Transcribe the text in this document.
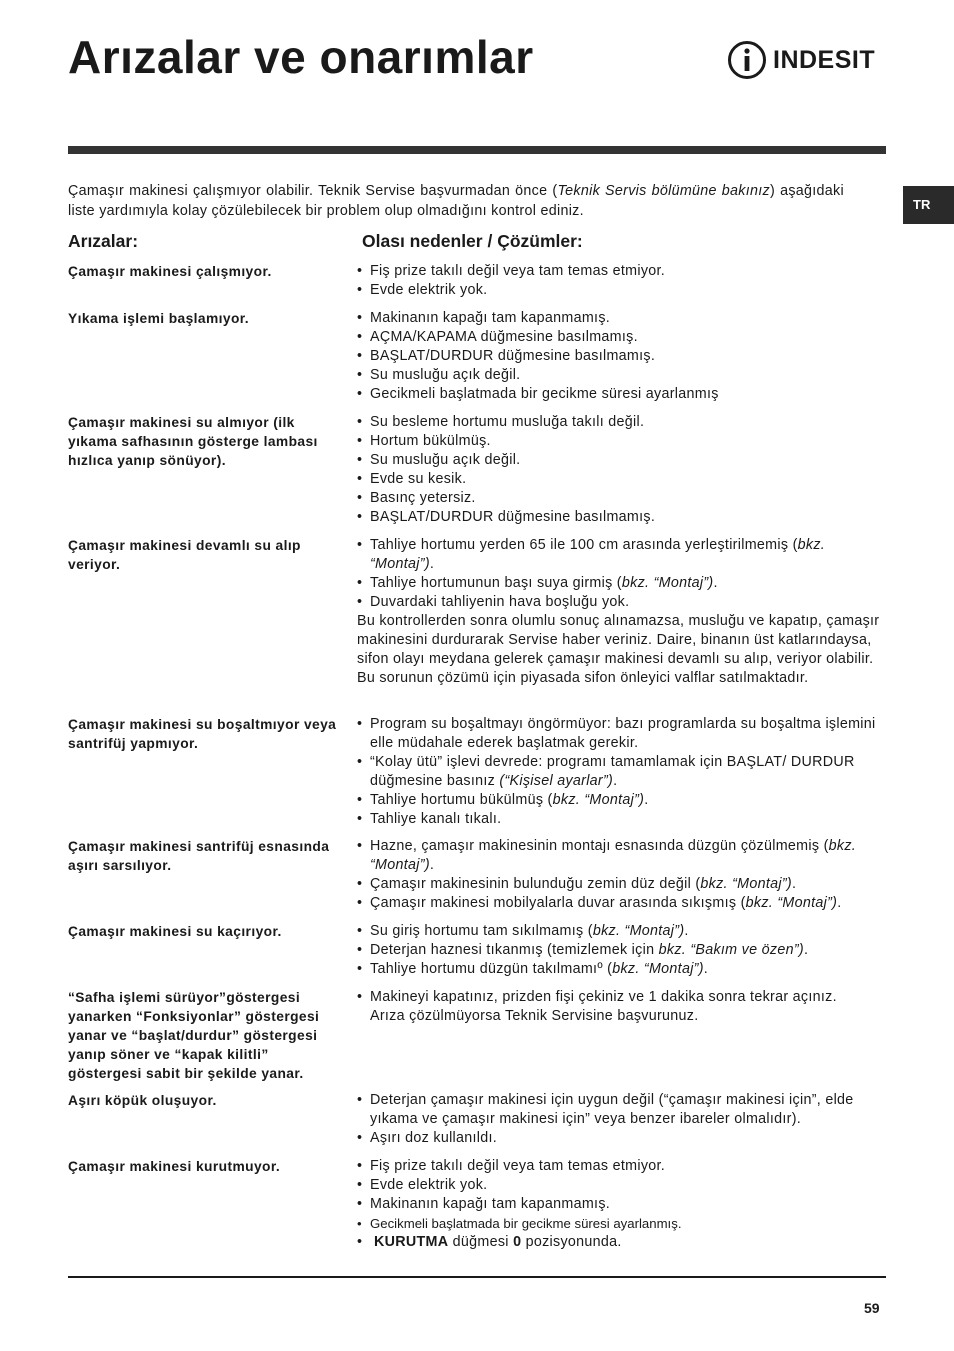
Arızalar ve onarımlar	INDESIT
TR

Çamaşır makinesi çalışmıyor olabilir. Teknik Servise başvurmadan önce (Teknik Servis bölümüne bakınız) aşağıdaki liste yardımıyla kolay çözülebilecek bir problem olup olmadığını kontrol ediniz.

Arızalar:	Olası nedenler / Çözümler:
Çamaşır makinesi çalışmıyor.	• Fiş prize takılı değil veya tam temas etmiyor.
• Evde elektrik yok.
Yıkama işlemi başlamıyor.	• Makinanın kapağı tam kapanmamış.
• AÇMA/KAPAMA düğmesine basılmamış.
• BAŞLAT/DURDUR düğmesine basılmamış.
• Su musluğu açık değil.
• Gecikmeli başlatmada bir gecikme süresi ayarlanmış
Çamaşır makinesi su almıyor (ilk yıkama safhasının gösterge lambası hızlıca yanıp sönüyor).
• Su besleme hortumu musluğa takılı değil.
• Hortum bükülmüş.
• Su musluğu açık değil.
• Evde su kesik.
• Basınç yetersiz.
• BAŞLAT/DURDUR düğmesine basılmamış.
Çamaşır makinesi devamlı su alıp veriyor.
• Tahliye hortumu yerden 65 ile 100 cm arasında yerleştirilmemiş (bkz. “Montaj”).
• Tahliye hortumunun başı suya girmiş (bkz. “Montaj”).
• Duvardaki tahliyenin hava boşluğu yok.
Bu kontrollerden sonra olumlu sonuç alınamazsa, musluğu ve kapatıp, çamaşır makinesini durdurarak Servise haber veriniz. Daire, binanın üst katlarındaysa, sifon olayı meydana gelerek çamaşır makinesi devamlı su alıp, veriyor olabilir. Bu sorunun çözümü için piyasada sifon önleyici valflar satılmaktadır.
Çamaşır makinesi su boşaltmıyor veya santrifüj yapmıyor.
• Program su boşaltmayı öngörmüyor: bazı programlarda su boşaltma işlemini elle müdahale ederek başlatmak gerekir.
• “Kolay ütü” işlevi devrede: programı tamamlamak için BAŞLAT/ DURDUR düğmesine basınız (“Kişisel ayarlar”).
• Tahliye hortumu bükülmüş (bkz. “Montaj”).
• Tahliye kanalı tıkalı.
Çamaşır makinesi santrifüj esnasında aşırı sarsılıyor.
• Hazne, çamaşır makinesinin montajı esnasında düzgün çözülmemiş (bkz. “Montaj”).
• Çamaşır makinesinin bulunduğu zemin düz değil (bkz. “Montaj”).
• Çamaşır makinesi mobilyalarla duvar arasında sıkışmış (bkz. “Montaj”).
Çamaşır makinesi su kaçırıyor.	• Su giriş hortumu tam sıkılmamış (bkz. “Montaj”).
• Deterjan haznesi tıkanmış (temizlemek için bkz. “Bakım ve özen”).
• Tahliye hortumu düzgün takılmamıº (bkz. “Montaj”).
“Safha işlemi sürüyor”göstergesi yanarken “Fonksiyonlar” göstergesi yanar ve “başlat/durdur” göstergesi yanıp söner ve “kapak kilitli” göstergesi sabit bir şekilde yanar.
• Makineyi kapatınız, prizden fişi çekiniz ve 1 dakika sonra tekrar açınız.
Arıza çözülmüyorsa Teknik Servisine başvurunuz.
Aşırı köpük oluşuyor.	• Deterjan çamaşır makinesi için uygun değil (“çamaşır makinesi için”, elde yıkama ve çamaşır makinesi için” veya benzer ibareler olmalıdır).
• Aşırı doz kullanıldı.
Çamaşır makinesi kurutmuyor.	• Fiş prize takılı değil veya tam temas etmiyor.
• Evde elektrik yok.
• Makinanın kapağı tam kapanmamış.
• Gecikmeli başlatmada bir gecikme süresi ayarlanmış.
• KURUTMA düğmesi 0 pozisyonunda.
59
